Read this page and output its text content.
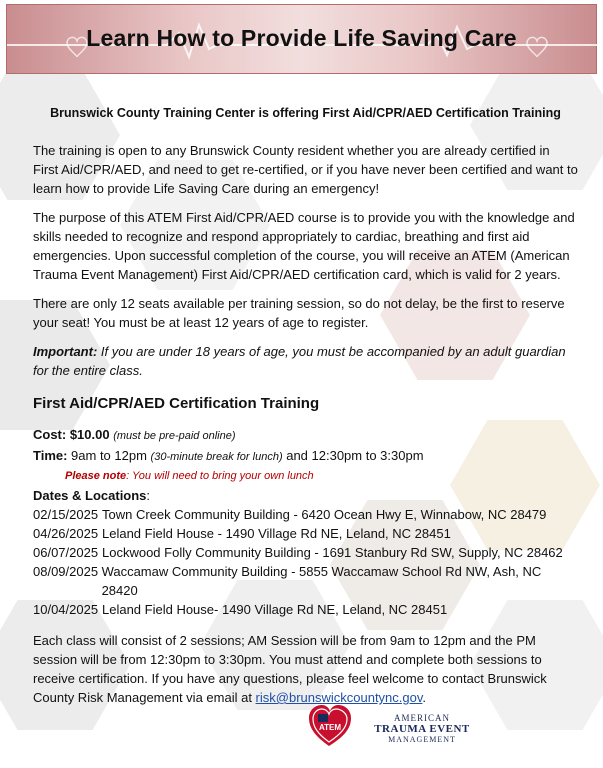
Learn How to Provide Life Saving Care
Brunswick County Training Center is offering First Aid/CPR/AED Certification Training

The training is open to any Brunswick County resident whether you are already certified in First Aid/CPR/AED, and need to get re-certified, or if you have never been certified and want to learn how to provide Life Saving Care during an emergency!

The purpose of this ATEM First Aid/CPR/AED course is to provide you with the knowledge and skills needed to recognize and respond appropriately to cardiac, breathing and first aid emergencies. Upon successful completion of the course, you will receive an ATEM (American Trauma Event Management) First Aid/CPR/AED certification card, which is valid for 2 years.

There are only 12 seats available per training session, so do not delay, be the first to reserve your seat! You must be at least 12 years of age to register.

Important: If you are under 18 years of age, you must be accompanied by an adult guardian for the entire class.

First Aid/CPR/AED Certification Training
Cost: $10.00 (must be pre-paid online)
Time: 9am to 12pm (30-minute break for lunch) and 12:30pm to 3:30pm
Please note: You will need to bring your own lunch
Dates & Locations:
02/15/2025 Town Creek Community Building - 6420 Ocean Hwy E, Winnabow, NC 28479
04/26/2025 Leland Field House - 1490 Village Rd NE, Leland, NC 28451
06/07/2025 Lockwood Folly Community Building - 1691 Stanbury Rd SW, Supply, NC 28462
08/09/2025 Waccamaw Community Building - 5855 Waccamaw School Rd NW, Ash, NC 28420
10/04/2025 Leland Field House- 1490 Village Rd NE, Leland, NC 28451

Each class will consist of 2 sessions; AM Session will be from 9am to 12pm and the PM session will be from 12:30pm to 3:30pm. You must attend and complete both sessions to receive certification. If you have any questions, please feel welcome to contact Brunswick County Risk Management via email at risk@brunswickcountync.gov.

ATEM
AMERICAN
TRAUMA EVENT
MANAGEMENT
